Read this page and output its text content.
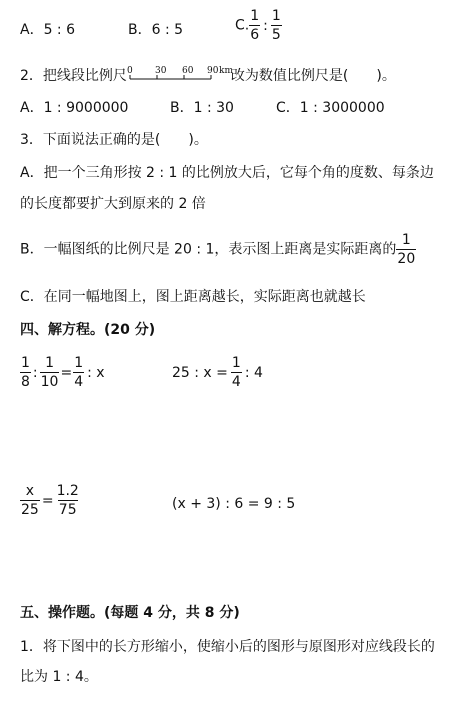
A．5 : 6	B．6 : 5	C. $\frac{1}{6}$ : $\frac{1}{5}$
2．把线段比例尺 0 30 60 90 km
改为数值比例尺是(　　)。
A．1 : 9000000	B．1 : 30	C．1 : 3000000
3．下面说法正确的是(　　)。
A．把一个三角形按 2 : 1 的比例放大后，它每个角的度数、每条边
的长度都要扩大到原来的 2 倍
B．一幅图纸的比例尺是 20 : 1，表示图上距离是实际距离的 $\frac{1}{20}$
C．在同一幅地图上，图上距离越长，实际距离也就越长
四、解方程。(20 分)
$\frac{1}{8}$ : $\frac{1}{10} = \frac{1}{4}$ : x	25 : $x = \frac{1}{4}$ : 4
$\frac{x}{25} = \frac{1.2}{75}$	(x + 3) : 6 = 9 : 5
五、操作题。(每题 4 分，共 8 分)
1．将下图中的长方形缩小，使缩小后的图形与原图形对应线段长的
比为 1 : 4。
